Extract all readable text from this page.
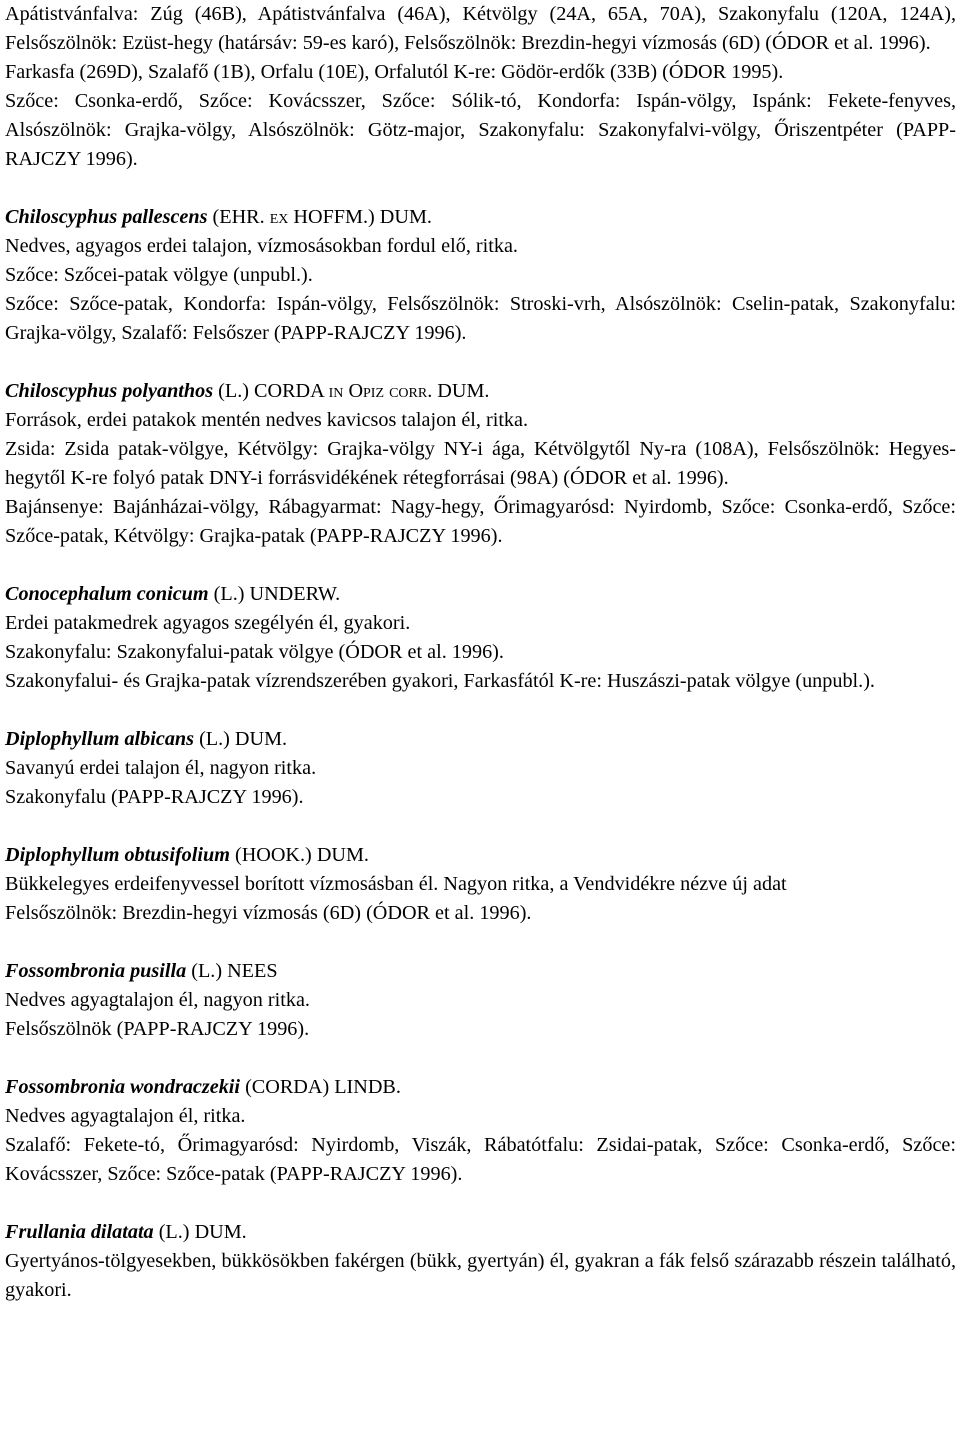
Apátistvánfalva: Zúg (46B), Apátistvánfalva (46A), Kétvölgy (24A, 65A, 70A), Szakonyfalu (120A, 124A), Felsőszölnök: Ezüst-hegy (határsáv: 59-es karó), Felsőszölnök: Brezdin-hegyi vízmosás (6D) (ÓDOR et al. 1996).

Farkasfa (269D), Szalafő (1B), Orfalu (10E), Orfalutól K-re: Gödör-erdők (33B) (ÓDOR 1995).

Szőce: Csonka-erdő, Szőce: Kovácsszer, Szőce: Sólik-tó, Kondorfa: Ispán-völgy, Ispánk: Fekete-fenyves, Alsószölnök: Grajka-völgy, Alsószölnök: Götz-major, Szakonyfalu: Szakonyfalvi-völgy, Őriszentpéter (PAPP-RAJCZY 1996).

Chiloscyphus pallescens (EHR. ex HOFFM.) DUM.

Nedves, agyagos erdei talajon, vízmosásokban fordul elő, ritka.

Szőce: Szőcei-patak völgye (unpubl.).

Szőce: Szőce-patak, Kondorfa: Ispán-völgy, Felsőszölnök: Stroski-vrh, Alsószölnök: Cselin-patak, Szakonyfalu: Grajka-völgy, Szalafő: Felsőszer (PAPP-RAJCZY 1996).

Chiloscyphus polyanthos (L.) CORDA in Opiz corr. DUM.

Források, erdei patakok mentén nedves kavicsos talajon él, ritka.

Zsida: Zsida patak-völgye, Kétvölgy: Grajka-völgy NY-i ága, Kétvölgytől Ny-ra (108A), Felsőszölnök: Hegyes-hegytől K-re folyó patak DNY-i forrásvidékének rétegforrásai (98A) (ÓDOR et al. 1996).

Bajánsenye: Bajánházai-völgy, Rábagyarmat: Nagy-hegy, Őrimagyarósd: Nyirdomb, Szőce: Csonka-erdő, Szőce: Szőce-patak, Kétvölgy: Grajka-patak (PAPP-RAJCZY 1996).

Conocephalum conicum (L.) UNDERW.

Erdei patakmedrek agyagos szegélyén él, gyakori.

Szakonyfalu: Szakonyfalui-patak völgye (ÓDOR et al. 1996).

Szakonyfalui- és Grajka-patak vízrendszerében gyakori, Farkasfától K-re: Huszászi-patak völgye (unpubl.).

Diplophyllum albicans (L.) DUM.

Savanyú erdei talajon él, nagyon ritka.

Szakonyfalu (PAPP-RAJCZY 1996).

Diplophyllum obtusifolium (HOOK.) DUM.

Bükkelegyes erdeifenyvessel borított vízmosásban él. Nagyon ritka, a Vendvidékre nézve új adat

Felsőszölnök: Brezdin-hegyi vízmosás (6D) (ÓDOR et al. 1996).

Fossombronia pusilla (L.) NEES

Nedves agyagtalajon él, nagyon ritka.

Felsőszölnök (PAPP-RAJCZY 1996).

Fossombronia wondraczekii (CORDA) LINDB.

Nedves agyagtalajon él, ritka.

Szalafő: Fekete-tó, Őrimagyarósd: Nyirdomb, Viszák, Rábatótfalu: Zsidai-patak, Szőce: Csonka-erdő, Szőce: Kovácsszer, Szőce: Szőce-patak (PAPP-RAJCZY 1996).

Frullania dilatata (L.) DUM.

Gyertyános-tölgyesekben, bükkösökben fakérgen (bükk, gyertyán) él, gyakran a fák felső szárazabb részein található, gyakori.
